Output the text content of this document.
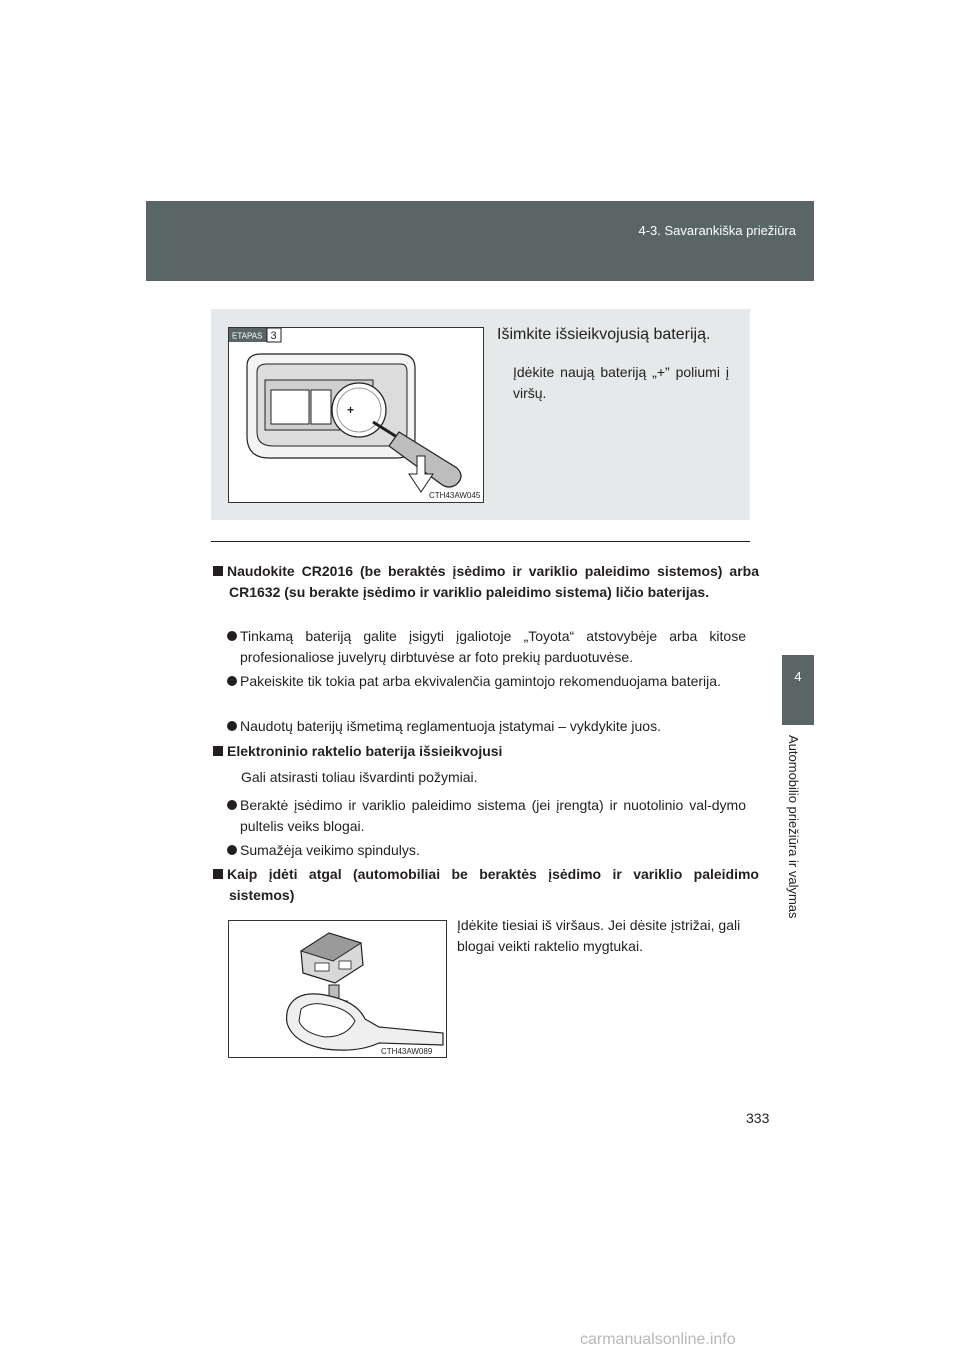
4-3. Savarankiška priežiūra
4
Automobilio priežiūra ir valymas
ETAPAS 3
+
CTH43AW045
Išimkite išsieikvojusią bateriją.
Įdėkite naują bateriją „+” poliumi į viršų.
Naudokite CR2016 (be beraktės įsėdimo ir variklio paleidimo sistemos) arba CR1632 (su berakte įsėdimo ir variklio paleidimo sistema) ličio baterijas.
Tinkamą bateriją galite įsigyti įgaliotoje „Toyota“ atstovybėje arba kitose profesionaliose juvelyrų dirbtuvėse ar foto prekių parduotuvėse.
Pakeiskite tik tokia pat arba ekvivalenčia gamintojo rekomenduojama baterija.
Naudotų baterijų išmetimą reglamentuoja įstatymai – vykdykite juos.
Elektroninio raktelio baterija išsieikvojusi
Gali atsirasti toliau išvardinti požymiai.
Beraktė įsėdimo ir variklio paleidimo sistema (jei įrengta) ir nuotolinio val-dymo pultelis veiks blogai.
Sumažėja veikimo spindulys.
Kaip įdėti atgal (automobiliai be beraktės įsėdimo ir variklio paleidimo sistemos)
CTH43AW089
Įdėkite tiesiai iš viršaus. Jei dėsite įstrižai, gali blogai veikti raktelio mygtukai.
333
carmanualsonline.info
